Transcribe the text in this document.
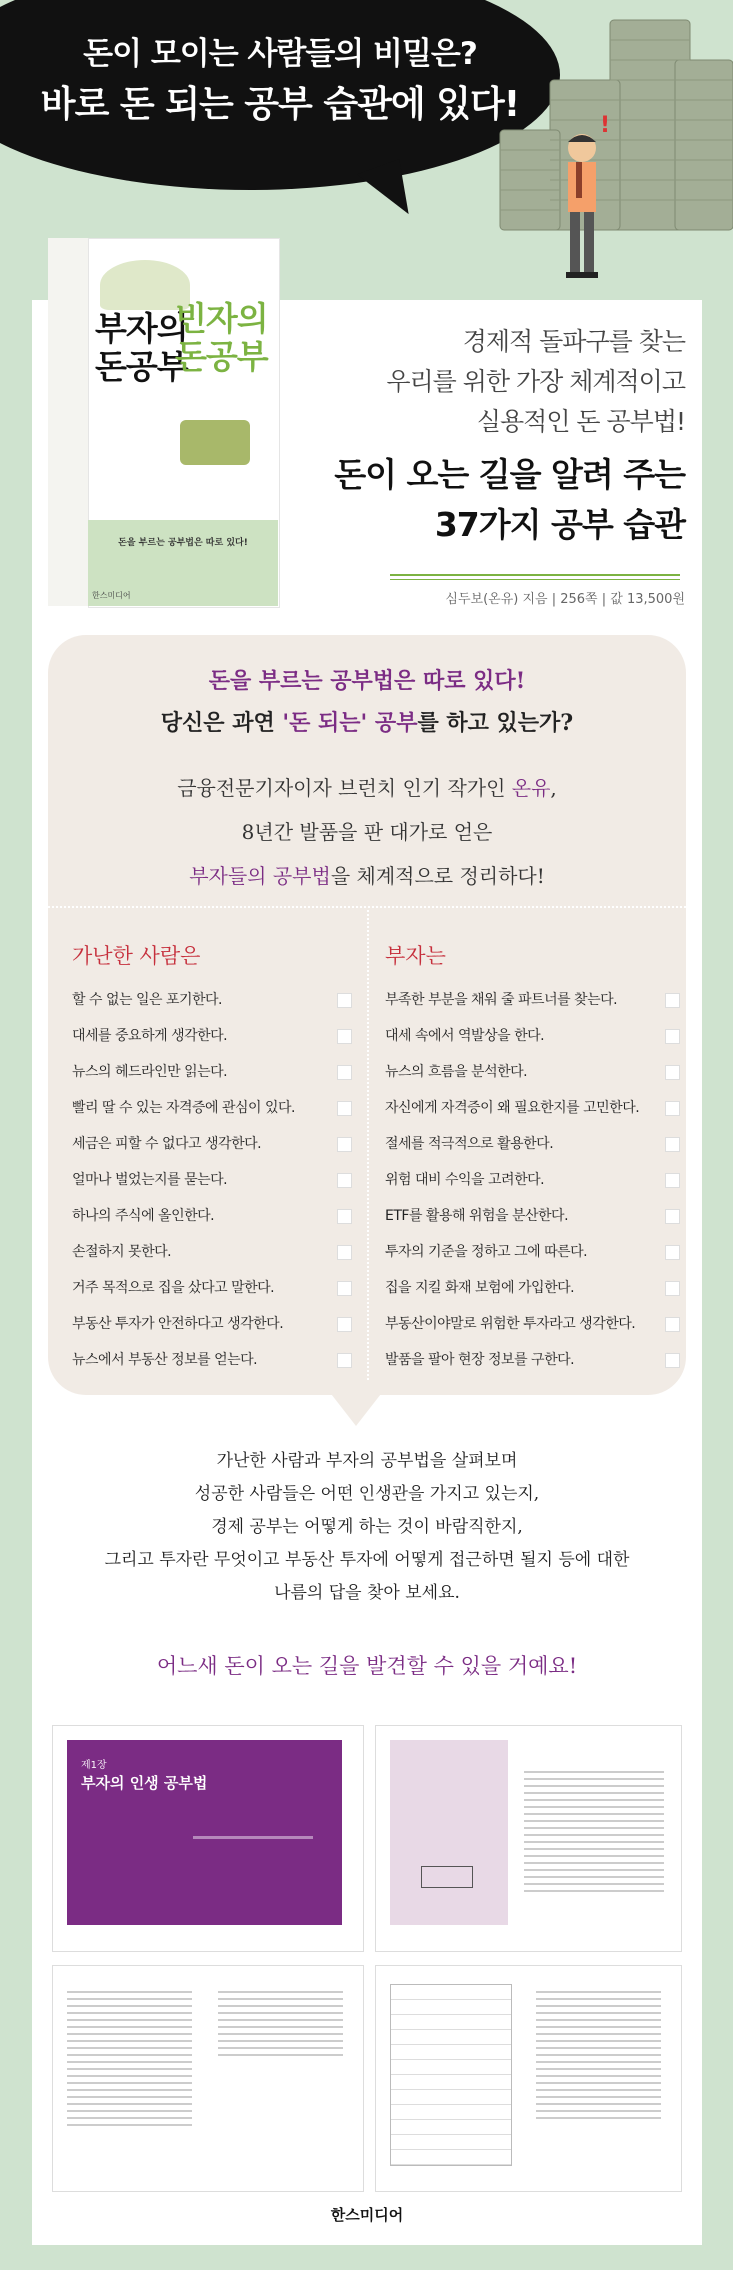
돈이 모이는 사람들의 비밀은?
바로 돈 되는 공부 습관에 있다!
!
부자의
돈공부
빈자의
돈공부
돈을 부르는 공부법은 따로 있다!
한스미디어
경제적 돌파구를 찾는
우리를 위한 가장 체계적이고
실용적인 돈 공부법!
돈이 오는 길을 알려 주는
37가지 공부 습관
심두보(온유) 지음 | 256쪽 | 값 13,500원
돈을 부르는 공부법은 따로 있다!
당신은 과연 '돈 되는' 공부를 하고 있는가?
금융전문기자이자 브런치 인기 작가인 온유,
8년간 발품을 판 대가로 얻은
부자들의 공부법을 체계적으로 정리하다!
가난한 사람은	부자는
할 수 없는 일은 포기한다.
대세를 중요하게 생각한다.
뉴스의 헤드라인만 읽는다.
빨리 딸 수 있는 자격증에 관심이 있다.
세금은 피할 수 없다고 생각한다.
얼마나 벌었는지를 묻는다.
하나의 주식에 올인한다.
손절하지 못한다.
거주 목적으로 집을 샀다고 말한다.
부동산 투자가 안전하다고 생각한다.
뉴스에서 부동산 정보를 얻는다.
부족한 부분을 채워 줄 파트너를 찾는다.
대세 속에서 역발상을 한다.
뉴스의 흐름을 분석한다.
자신에게 자격증이 왜 필요한지를 고민한다.
절세를 적극적으로 활용한다.
위험 대비 수익을 고려한다.
ETF를 활용해 위험을 분산한다.
투자의 기준을 정하고 그에 따른다.
집을 지킬 화재 보험에 가입한다.
부동산이야말로 위험한 투자라고 생각한다.
발품을 팔아 현장 정보를 구한다.
가난한 사람과 부자의 공부법을 살펴보며
성공한 사람들은 어떤 인생관을 가지고 있는지,
경제 공부는 어떻게 하는 것이 바람직한지,
그리고 투자란 무엇이고 부동산 투자에 어떻게 접근하면 될지 등에 대한
나름의 답을 찾아 보세요.
어느새 돈이 오는 길을 발견할 수 있을 거예요!
제1장
부자의 인생 공부법
한스미디어
